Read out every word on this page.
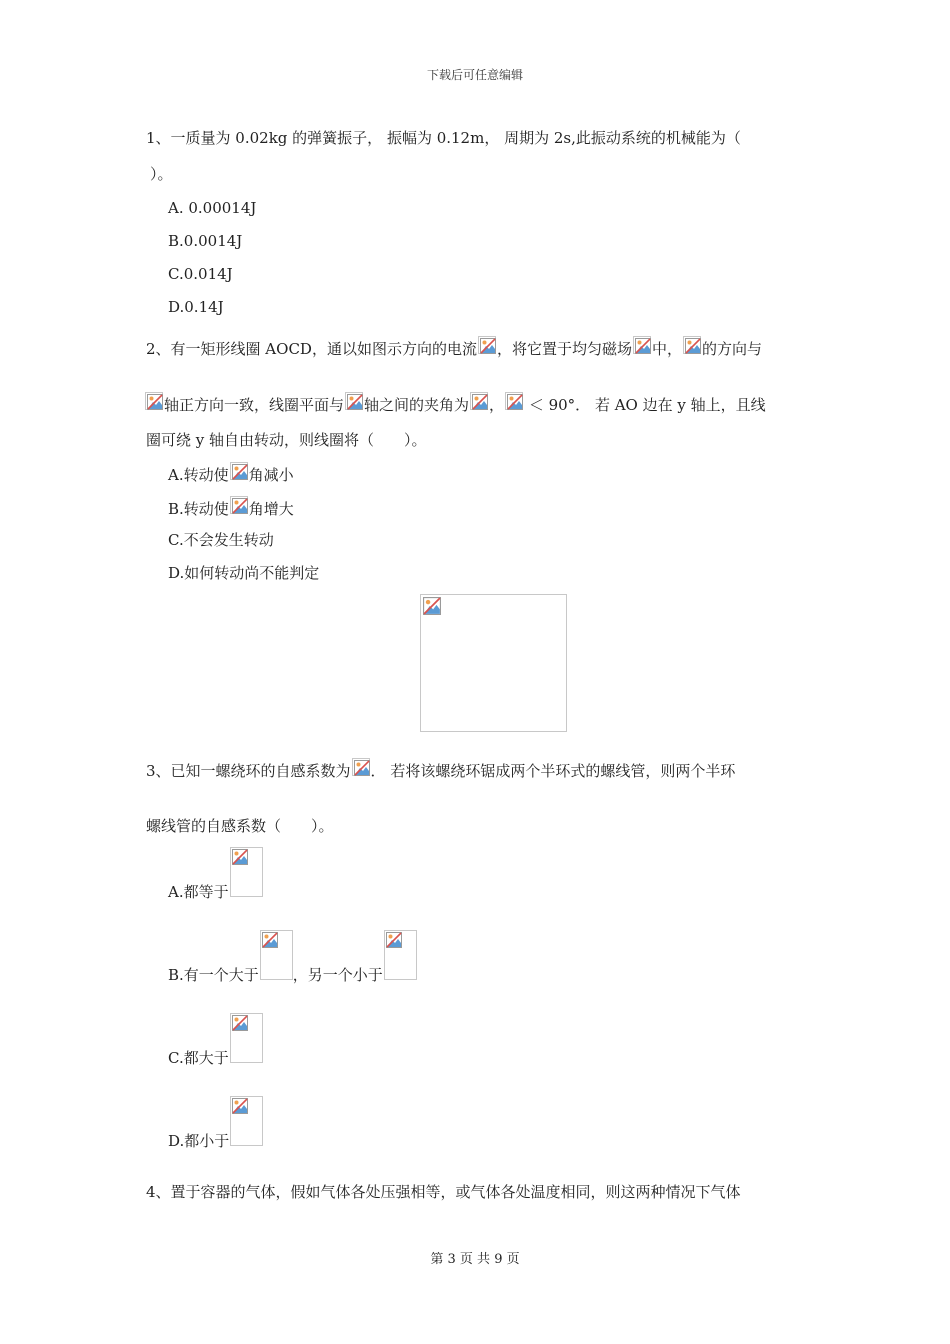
下载后可任意编辑
1、一质量为 0.02kg 的弹簧振子， 振幅为 0.12m， 周期为 2s,此振动系统的机械能为（
）。
A. 0.00014J
B.0.0014J
C.0.014J
D.0.14J
2、有一矩形线圈 AOCD，通以如图示方向的电流 ，将它置于均匀磁场 中， 的方向与
轴正方向一致，线圈平面与 轴之间的夹角为 ，
＜ 90°． 若 AO 边在 y 轴上，且线
圈可绕 y 轴自由转动，则线圈将（　　）。
A.转动使 角减小
B.转动使 角增大
C.不会发生转动
D.如何转动尚不能判定
3、已知一螺绕环的自感系数为 ． 若将该螺绕环锯成两个半环式的螺线管，则两个半环
螺线管的自感系数（　　）。
A.都等于
B.有一个大于 ，另一个小于
C.都大于
D.都小于
4、置于容器的气体，假如气体各处压强相等，或气体各处温度相同，则这两种情况下气体
第 3 页 共 9 页
